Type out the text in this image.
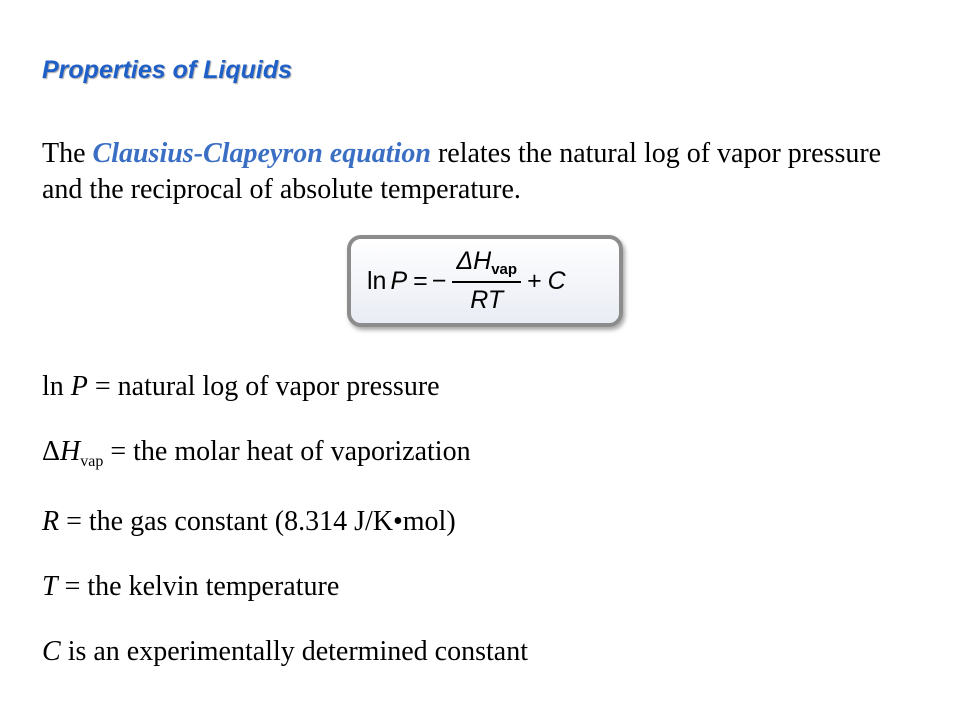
Properties of Liquids

The Clausius-Clapeyron equation relates the natural log of vapor pressure and the reciprocal of absolute temperature.

ln P = − $\frac{\Delta H_{vap}}{RT} + C$

ln P = natural log of vapor pressure

$\Delta H_{vap}$ = the molar heat of vaporization

R = the gas constant (8.314 J/K•mol)

T = the kelvin temperature

C is an experimentally determined constant
